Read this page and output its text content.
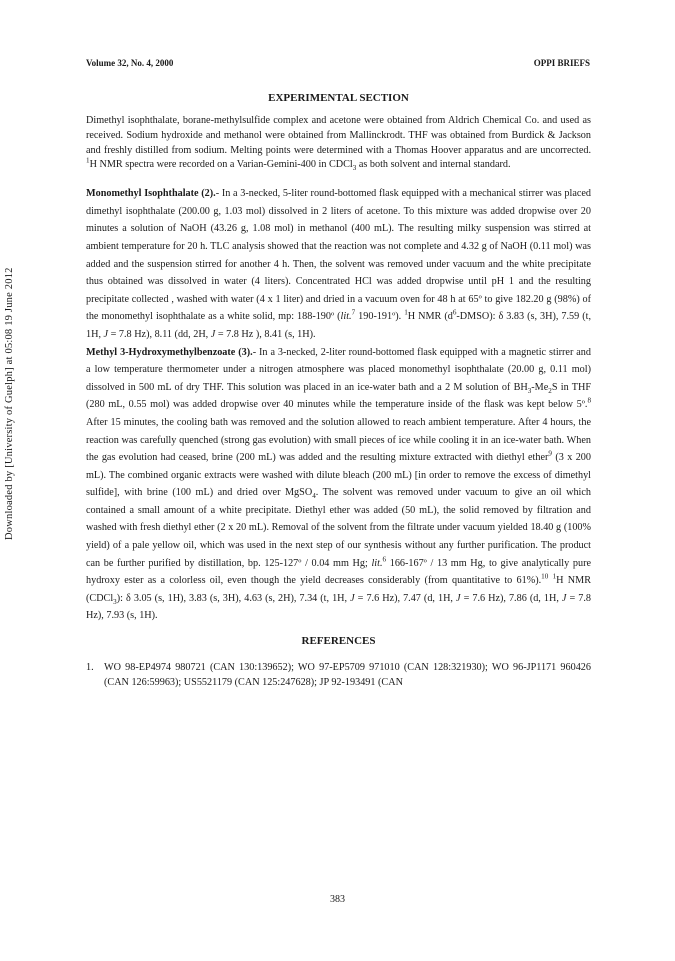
Volume 32, No. 4, 2000	OPPI BRIEFS
Downloaded by [University of Guelph] at 05:08 19 June 2012
EXPERIMENTAL SECTION

Dimethyl isophthalate, borane-methylsulfide complex and acetone were obtained from Aldrich Chemical Co. and used as received. Sodium hydroxide and methanol were obtained from Mallinckrodt. THF was obtained from Burdick & Jackson and freshly distilled from sodium. Melting points were determined with a Thomas Hoover apparatus and are uncorrected. $^1$H NMR spectra were recorded on a Varian-Gemini-400 in CDCl$_3$ as both solvent and internal standard.

Monomethyl Isophthalate (2).- In a 3-necked, 5-liter round-bottomed flask equipped with a mechanical stirrer was placed dimethyl isophthalate (200.00 g, 1.03 mol) dissolved in 2 liters of acetone. To this mixture was added dropwise over 20 minutes a solution of NaOH (43.26 g, 1.08 mol) in methanol (400 mL). The resulting milky suspension was stirred at ambient temperature for 20 h. TLC analysis showed that the reaction was not complete and 4.32 g of NaOH (0.11 mol) was added and the suspension stirred for another 4 h. Then, the solvent was removed under vacuum and the white precipitate thus obtained was dissolved in water (4 liters). Concentrated HCl was added dropwise until pH 1 and the resulting precipitate collected , washed with water (4 x 1 liter) and dried in a vacuum oven for 48 h at 65º to give 182.20 g (98%) of the monomethyl isophthalate as a white solid, mp: 188-190º (lit.$^7$ 190-191º). $^1$H NMR $(d^6-DMSO)$: δ 3.83 (s, 3H), 7.59 (t, 1H, J = 7.8 Hz), 8.11 (dd, 2H, J = 7.8 Hz ), 8.41 (s, 1H).

Methyl 3-Hydroxymethylbenzoate (3).- In a 3-necked, 2-liter round-bottomed flask equipped with a magnetic stirrer and a low temperature thermometer under a nitrogen atmosphere was placed monomethyl isophthalate (20.00 g, 0.11 mol) dissolved in 500 mL of dry THF. This solution was placed in an ice-water bath and a 2 M solution of $BH_3-Me_2S$ in THF (280 mL, 0.55 mol) was added dropwise over 40 minutes while the temperature inside of the flask was kept below 5º.$^8$ After 15 minutes, the cooling bath was removed and the solution allowed to reach ambient temperature. After 4 hours, the reaction was carefully quenched (strong gas evolution) with small pieces of ice while cooling it in an ice-water bath. When the gas evolution had ceased, brine (200 mL) was added and the resulting mixture extracted with diethyl ether$^9$ (3 x 200 mL). The combined organic extracts were washed with dilute bleach (200 mL) [in order to remove the excess of dimethyl sulfide], with brine (100 mL) and dried over MgSO$_4$. The solvent was removed under vacuum to give an oil which contained a small amount of a white precipitate. Diethyl ether was added (50 mL), the solid removed by filtration and washed with fresh diethyl ether (2 x 20 mL). Removal of the solvent from the filtrate under vacuum yielded 18.40 g (100% yield) of a pale yellow oil, which was used in the next step of our synthesis without any further purification. The product can be further purified by distillation, bp. 125-127º / 0.04 mm Hg; lit.$^6$ 166-167º / 13 mm Hg, to give analytically pure hydroxy ester as a colorless oil, even though the yield decreases considerably (from quantitative to 61%).$^{10}$ $^1$H NMR (CDCl$_3$): δ 3.05 (s, 1H), 3.83 (s, 3H), 4.63 (s, 2H), 7.34 (t, 1H, J = 7.6 Hz), 7.47 (d, 1H, J = 7.6 Hz), 7.86 (d, 1H, J = 7.8 Hz), 7.93 (s, 1H).

REFERENCES
1.	WO 98-EP4974 980721 (CAN 130:139652); WO 97-EP5709 971010 (CAN 128:321930); WO 96-JP1171 960426 (CAN 126:59963); US5521179 (CAN 125:247628); JP 92-193491 (CAN
383
